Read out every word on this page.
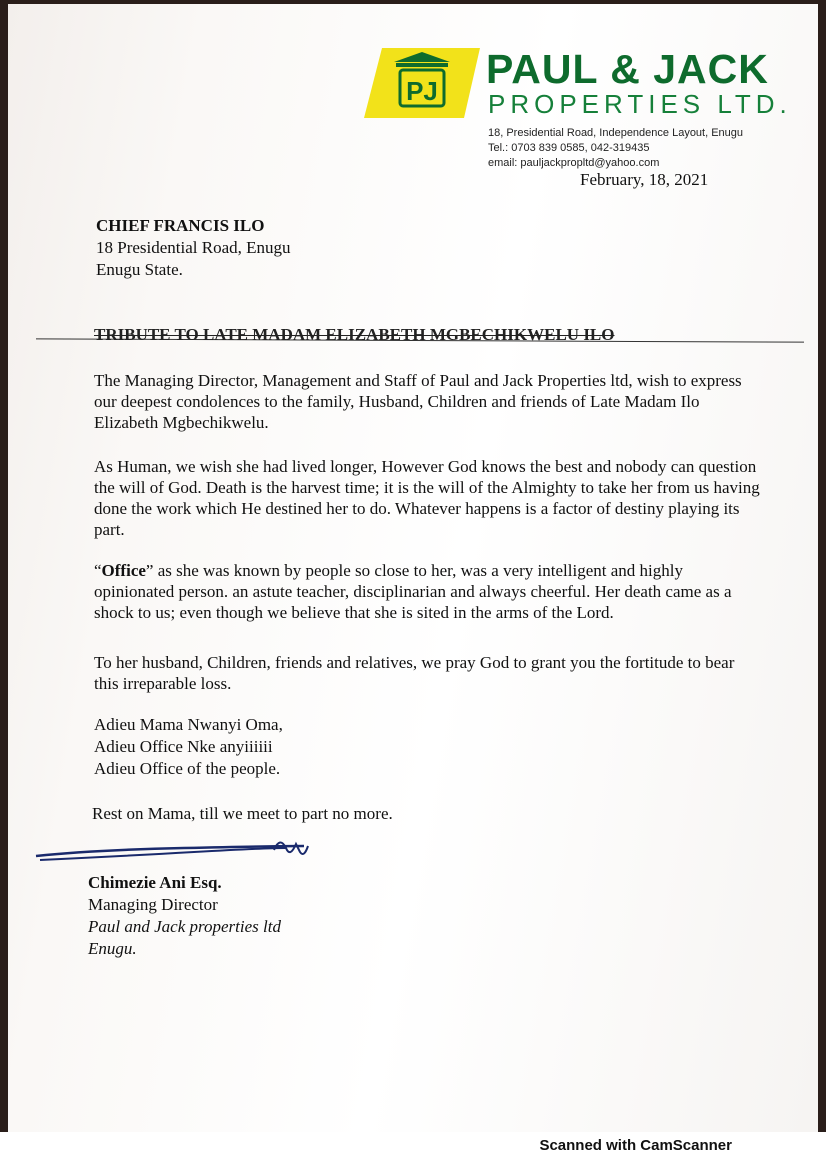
PJ PAUL & JACK
PROPERTIES LTD.
18, Presidential Road, Independence Layout, Enugu
Tel.: 0703 839 0585, 042-319435
email: pauljackpropltd@yahoo.com
February, 18, 2021
CHIEF FRANCIS ILO
18 Presidential Road, Enugu
Enugu State.
TRIBUTE TO LATE MADAM ELIZABETH MGBECHIKWELU ILO
The Managing Director, Management and Staff of Paul and Jack Properties ltd, wish to express our deepest condolences to the family, Husband, Children and friends of Late Madam Ilo Elizabeth Mgbechikwelu.
As Human, we wish she had lived longer, However God knows the best and nobody can question the will of God. Death is the harvest time; it is the will of the Almighty to take her from us having done the work which He destined her to do. Whatever happens is a factor of destiny playing its part.
“Office” as she was known by people so close to her, was a very intelligent and highly opinionated person. an astute teacher, disciplinarian and always cheerful. Her death came as a shock to us; even though we believe that she is sited in the arms of the Lord.
To her husband, Children, friends and relatives, we pray God to grant you the fortitude to bear this irreparable loss.
Adieu Mama Nwanyi Oma,
Adieu Office Nke anyiiiiii
Adieu Office of the people.
Rest on Mama, till we meet to part no more.
Chimezie Ani Esq.
Managing Director
Paul and Jack properties ltd
Enugu.
Scanned with CamScanner
